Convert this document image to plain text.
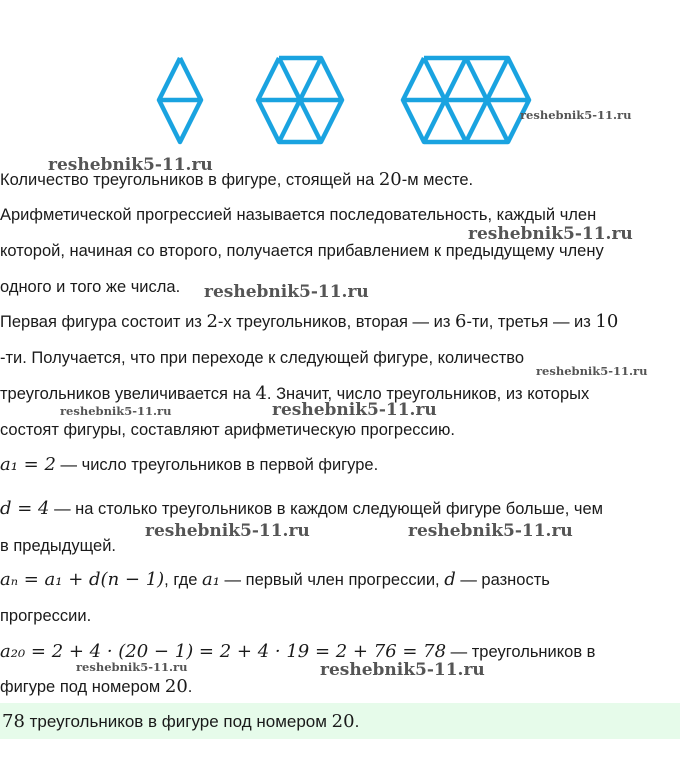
reshebnik5-11.ru
reshebnik5-11.ru
reshebnik5-11.ru
reshebnik5-11.ru
reshebnik5-11.ru
reshebnik5-11.ru	reshebnik5-11.ru
reshebnik5-11.ru	reshebnik5-11.ru
reshebnik5-11.ru	reshebnik5-11.ru
Количество треугольников в фигуре, стоящей на 20-м месте.
Арифметической прогрессией называется последовательность, каждый член
которой, начиная со второго, получается прибавлением к предыдущему члену
одного и того же числа.
Первая фигура состоит из 2-х треугольников, вторая — из 6-ти, третья — из 10
-ти. Получается, что при переходе к следующей фигуре, количество
треугольников увеличивается на 4. Значит, число треугольников, из которых
состоят фигуры, составляют арифметическую прогрессию.
a₁ = 2 — число треугольников в первой фигуре.
d = 4 — на столько треугольников в каждом следующей фигуре больше, чем
в предыдущей.
aₙ = a₁ + d(n − 1), где a₁ — первый член прогрессии, d — разность
прогрессии.
a₂₀ = 2 + 4 · (20 − 1) = 2 + 4 · 19 = 2 + 76 = 78 — треугольников в
фигуре под номером 20.
78 треугольников в фигуре под номером 20.
